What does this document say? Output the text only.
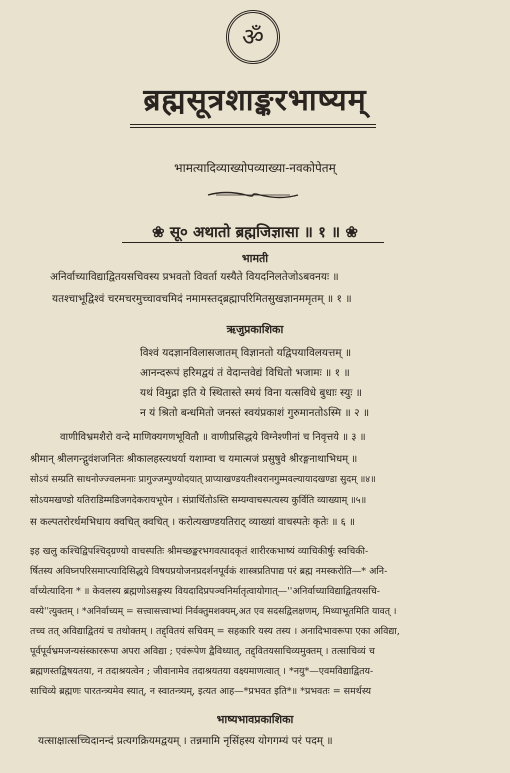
ॐ
ब्रह्मसूत्रशाङ्करभाष्यम्
भामत्यादिव्याख्योपव्याख्या-नवकोपेतम्
❀ सू० अथातो ब्रह्मजिज्ञासा ॥ १ ॥ ❀
भामती
अनिर्वाच्याविद्याद्वितयसचिवस्य प्रभवतो विवर्ता यस्यैते वियदनिलतेजोऽबवनयः ॥
यतश्चाभूद्विश्वं चरमचरमुच्चावचमिदं नमामस्तद्ब्रह्मापरिमितसुखज्ञानममृतम् ॥ १ ॥
ऋजुप्रकाशिका
विश्वं यदज्ञानविलासजातम् विज्ञानतो यद्विपयाविलयत्तम् ॥
आनन्दरूपं हरिमद्वयं तं वेदान्तवेद्यं विधितो भजामः ॥ १ ॥
यथं विमुद्रा इति ये स्थितास्ते स्मयं विना यत्सविधे बुधाः स्युः ॥
न यं श्रितो बन्धमितो जनस्तं स्वयंप्रकाशं गुरुमानतोऽस्मि ॥ २ ॥
वाणीविभ्रमशैरो वन्दे माणिक्यगणभूवितौ ॥ वाणीप्रसिद्धये विग्नेश्णीनां च निवृत्तये ॥ ३ ॥
श्रीमान् श्रीलगन्द्गुवंशजनितः श्रीकालहस्त्यधर्या यशाम्वा च यमात्मजं प्रसुषुवे श्रीरङ्गनाथाभिधम् ॥
सोऽयं सम्प्रति साधनोज्ज्वलमनाः प्रागुज्जम्पुण्योदयात् प्राप्याखण्डयतीश्वरानगुम्मवल्यायादखण्डा सुदम् ॥४॥
सोऽयमखण्डो यतिराडिम्मडिजगदेकरायभूपेन । संप्रार्थितोऽस्ति सम्यग्वाचस्पत्यस्य कुर्विति व्याख्याम् ॥५॥
स कल्पतरोरर्थमभिधाय क्वचित् क्वचित् । करोत्यखण्डयतिराट् व्याख्यां वाचस्पतेः कृतेः ॥ ६ ॥
इह खलु कश्चिद्विपश्चिद्ग्रण्यो वाचस्पतिः श्रीमच्छङ्करभगवत्पादकृतं शारीरकभाष्यं व्याचिकीर्षुः स्वचिकी-
र्षितस्य अविघ्नपरिसमाप्त्यादिसिद्धये विषयप्रयोजनप्रदर्शनपूर्वकं शास्त्रप्रतिपाद्य परं ब्रह्म नमस्करोति—* अनि-
र्वाच्येत्यादिना * ॥ केवलस्य ब्रह्मणोऽसङ्गस्य वियदादिप्रपञ्चनिर्मातृत्वायोगात्—''अनिर्वाच्याविद्याद्वितयसचि-
वस्ये''त्युक्तम् । *अनिर्वाच्यम् = सत्त्वासत्त्वाभ्यां निर्वक्तुमशक्यम्,अत एव सदसद्विलक्षणम्, मिथ्याभूतमिति यावत् ।
तच्च तत् अविद्याद्वितयं च तथोक्तम् । तद्द्वितयं सचिवम् = सहकारि यस्य तस्य । अनादिभावरूपा एका अविद्या,
पूर्वपूर्वभ्रमजन्यसंस्काररूपा अपरा अविद्या ; एवंरूपेण द्वैविध्यात्, तद्द्वितयसाचिव्यमुक्तम् । तत्साचिव्यं च
ब्रह्मणस्तद्विषयतया, न तदाश्रयत्वेन ; जीवानामेव तदाश्रयतया वक्ष्यमाणत्वात् । *नयु*—एवमविद्याद्वितय-
साचिव्ये ब्रह्मणः पारतन्त्र्यमेव स्यात्, न स्वातन्त्र्यम्, इत्यत आह—*प्रभवत इति*॥ *प्रभवतः = समर्थस्य
भाष्यभावप्रकाशिका
यत्साक्षात्सच्चिदानन्दं प्रत्यगक्रियमद्वयम् । तन्नमामि नृसिंहस्य योगगम्यं परं पदम् ॥
